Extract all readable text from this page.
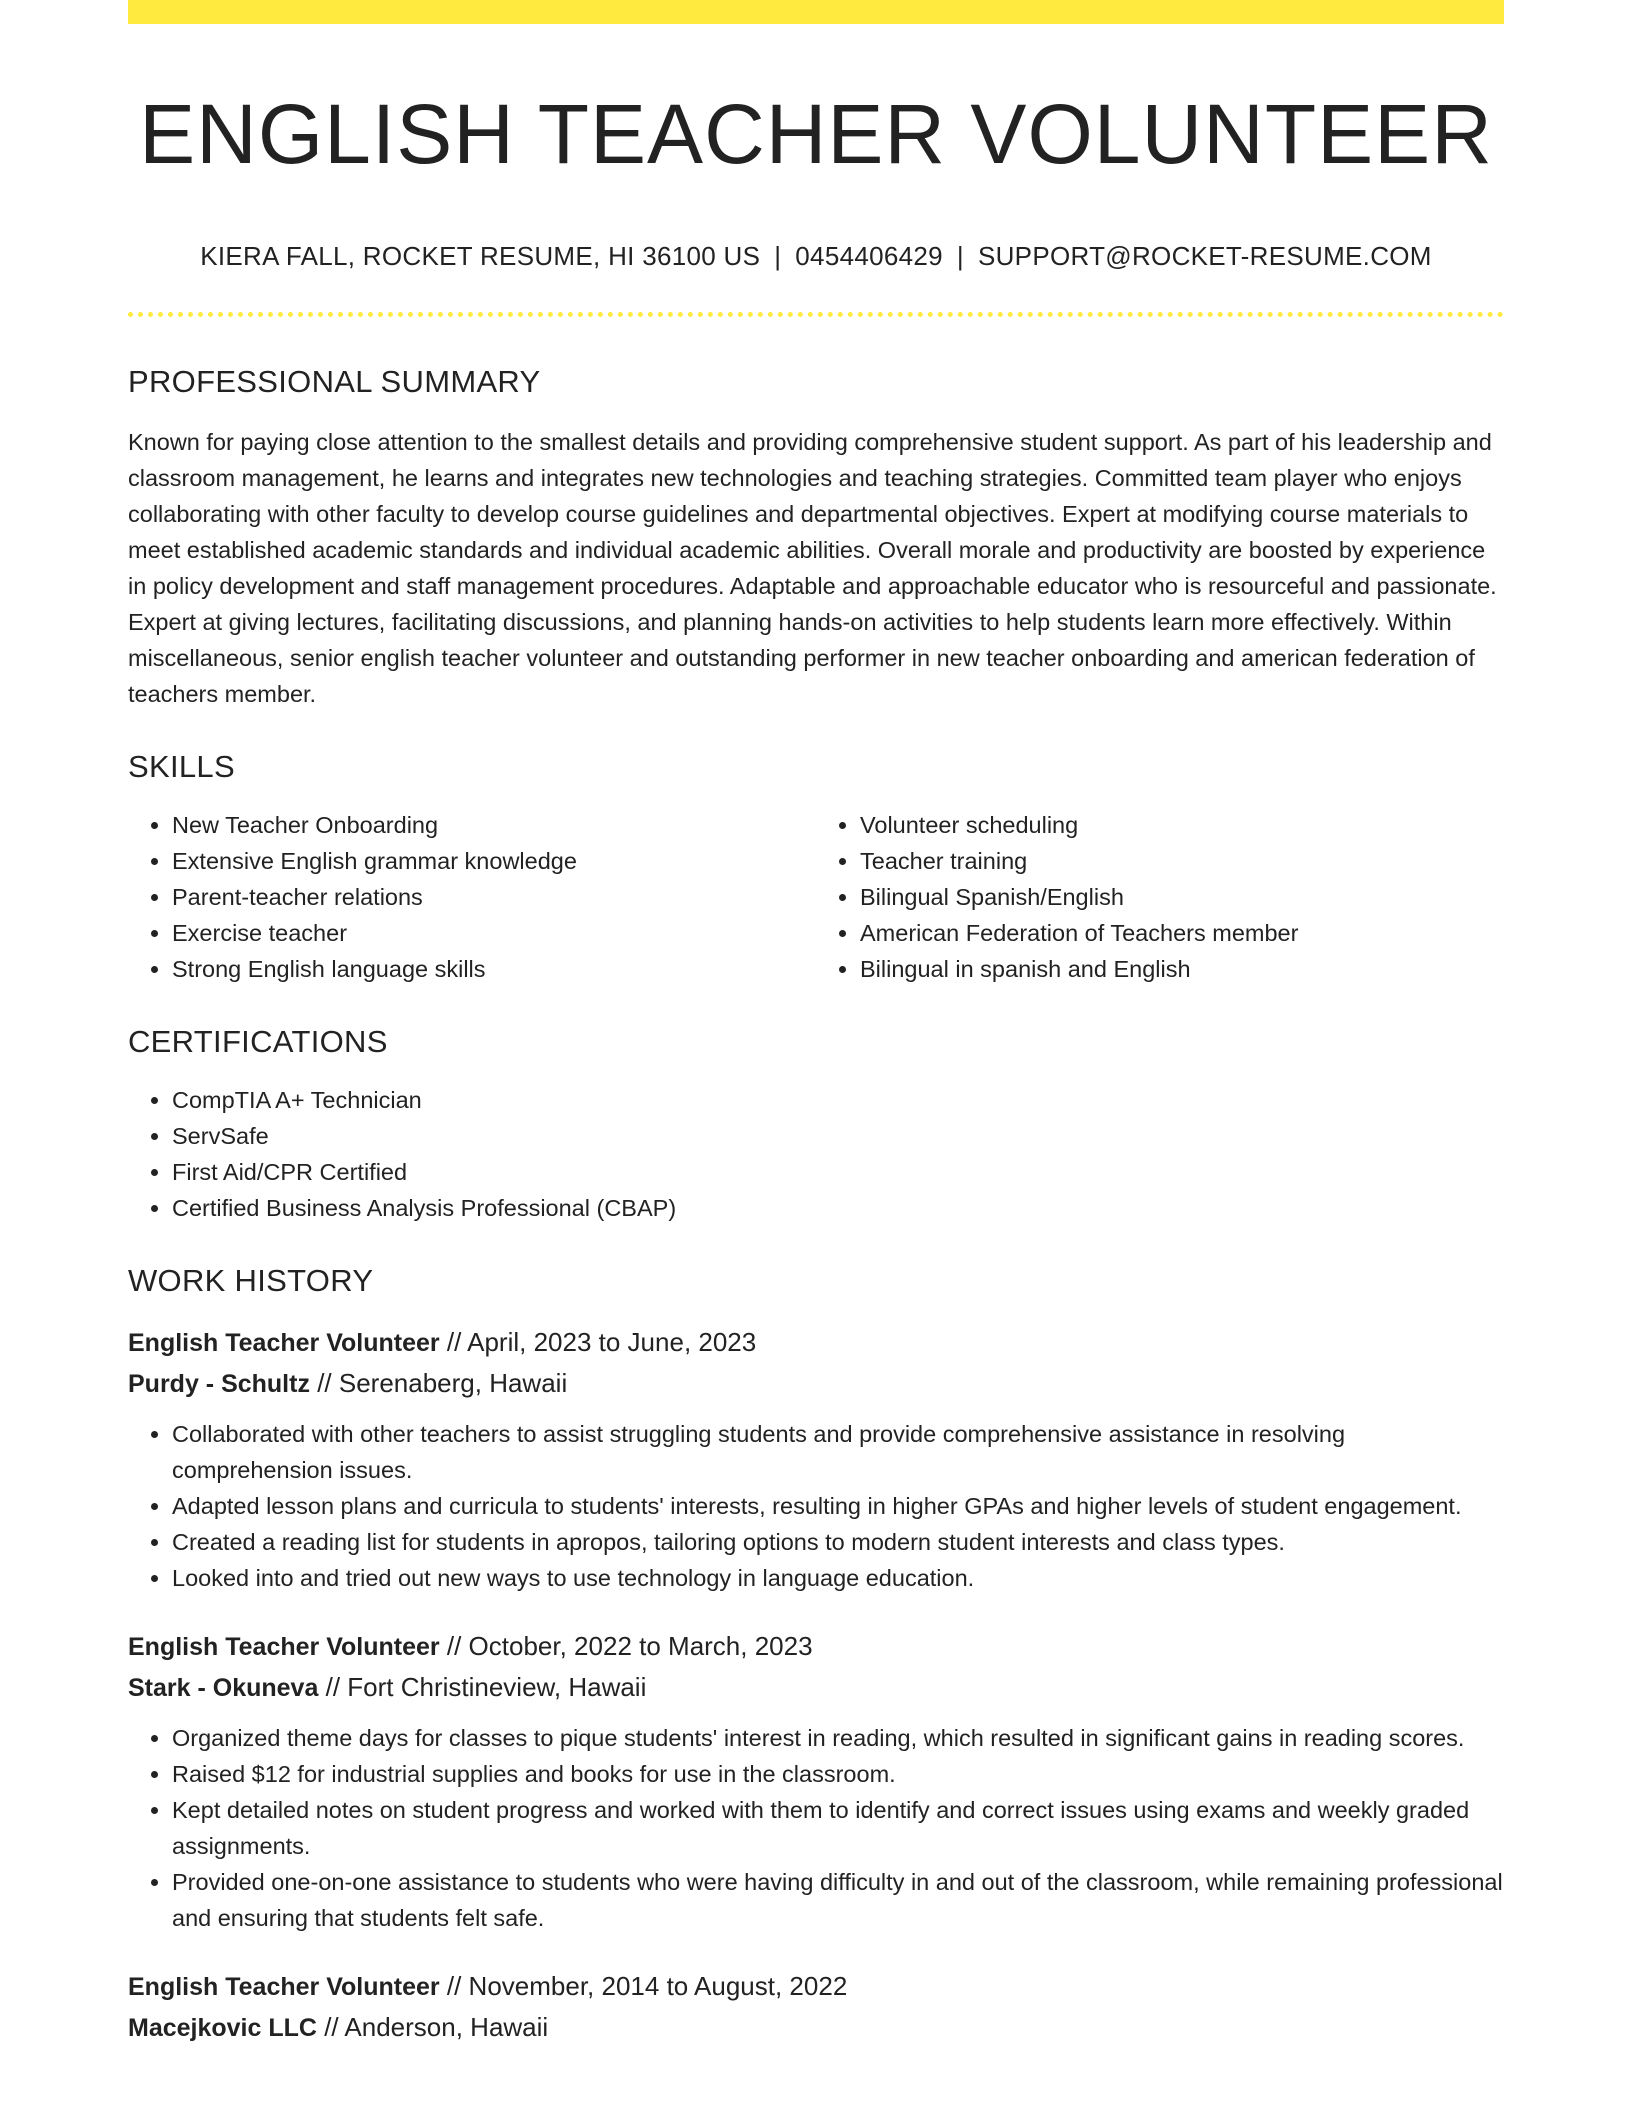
ENGLISH TEACHER VOLUNTEER
KIERA FALL, ROCKET RESUME, HI 36100 US | 0454406429 | SUPPORT@ROCKET-RESUME.COM
PROFESSIONAL SUMMARY

Known for paying close attention to the smallest details and providing comprehensive student support. As part of his leadership and classroom management, he learns and integrates new technologies and teaching strategies. Committed team player who enjoys collaborating with other faculty to develop course guidelines and departmental objectives. Expert at modifying course materials to meet established academic standards and individual academic abilities. Overall morale and productivity are boosted by experience in policy development and staff management procedures. Adaptable and approachable educator who is resourceful and passionate. Expert at giving lectures, facilitating discussions, and planning hands-on activities to help students learn more effectively. Within miscellaneous, senior english teacher volunteer and outstanding performer in new teacher onboarding and american federation of teachers member.

SKILLS
• New Teacher Onboarding
• Extensive English grammar knowledge
• Parent-teacher relations
• Exercise teacher
• Strong English language skills
• Volunteer scheduling
• Teacher training
• Bilingual Spanish/English
• American Federation of Teachers member
• Bilingual in spanish and English
CERTIFICATIONS
• CompTIA A+ Technician
• ServSafe
• First Aid/CPR Certified
• Certified Business Analysis Professional (CBAP)
WORK HISTORY
English Teacher Volunteer // April, 2023 to June, 2023
Purdy - Schultz // Serenaberg, Hawaii
• Collaborated with other teachers to assist struggling students and provide comprehensive assistance in resolving comprehension issues.
• Adapted lesson plans and curricula to students' interests, resulting in higher GPAs and higher levels of student engagement.
• Created a reading list for students in apropos, tailoring options to modern student interests and class types.
• Looked into and tried out new ways to use technology in language education.
English Teacher Volunteer // October, 2022 to March, 2023
Stark - Okuneva // Fort Christineview, Hawaii
• Organized theme days for classes to pique students' interest in reading, which resulted in significant gains in reading scores.
• Raised $12 for industrial supplies and books for use in the classroom.
• Kept detailed notes on student progress and worked with them to identify and correct issues using exams and weekly graded assignments.
• Provided one-on-one assistance to students who were having difficulty in and out of the classroom, while remaining professional and ensuring that students felt safe.
English Teacher Volunteer // November, 2014 to August, 2022
Macejkovic LLC // Anderson, Hawaii
